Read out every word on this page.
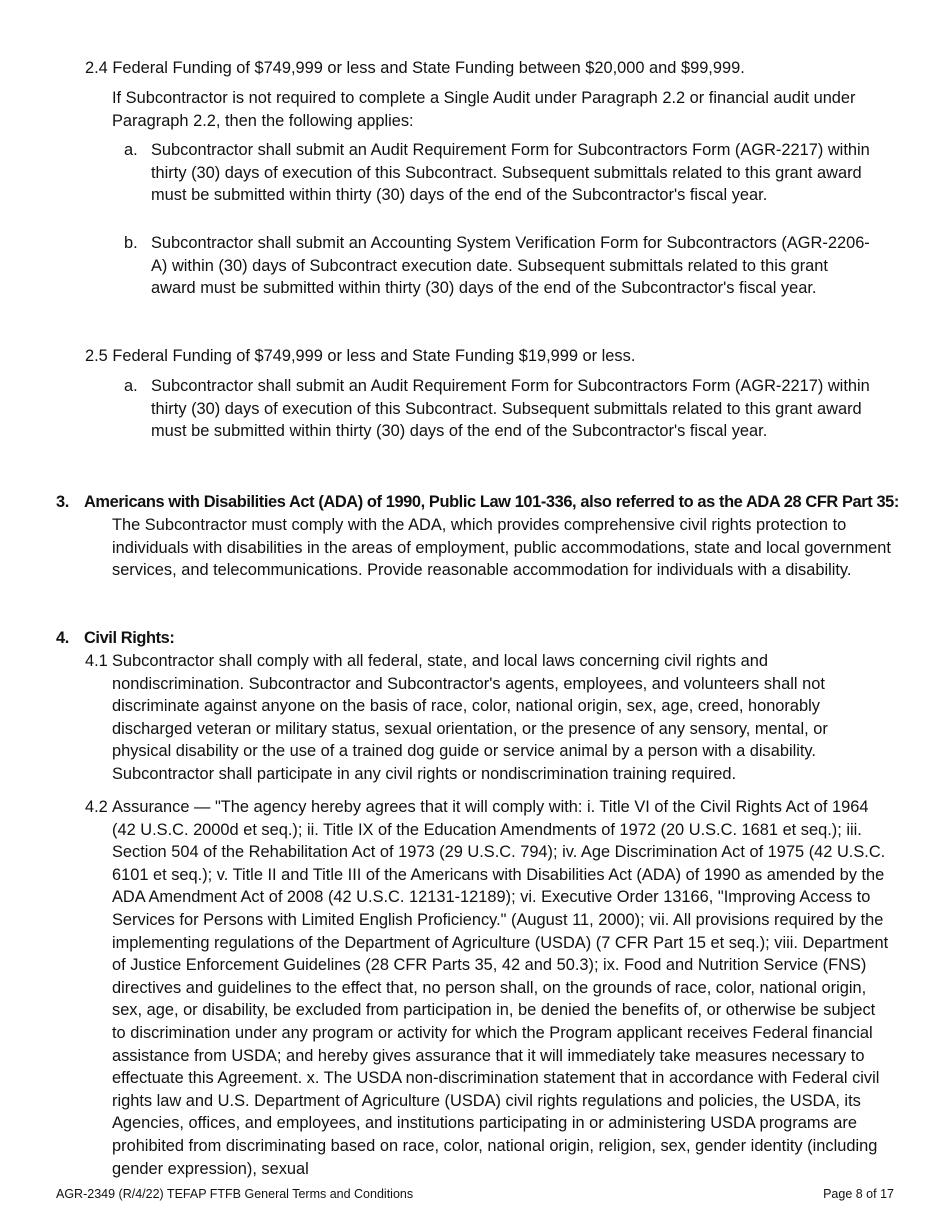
2.4 Federal Funding of $749,999 or less and State Funding between $20,000 and $99,999.

If Subcontractor is not required to complete a Single Audit under Paragraph 2.2 or financial audit under Paragraph 2.2, then the following applies:

a. Subcontractor shall submit an Audit Requirement Form for Subcontractors Form (AGR-2217) within thirty (30) days of execution of this Subcontract. Subsequent submittals related to this grant award must be submitted within thirty (30) days of the end of the Subcontractor's fiscal year.

b. Subcontractor shall submit an Accounting System Verification Form for Subcontractors (AGR-2206-A) within (30) days of Subcontract execution date. Subsequent submittals related to this grant award must be submitted within thirty (30) days of the end of the Subcontractor's fiscal year.

2.5 Federal Funding of $749,999 or less and State Funding $19,999 or less.

a. Subcontractor shall submit an Audit Requirement Form for Subcontractors Form (AGR-2217) within thirty (30) days of execution of this Subcontract. Subsequent submittals related to this grant award must be submitted within thirty (30) days of the end of the Subcontractor's fiscal year.

3. Americans with Disabilities Act (ADA) of 1990, Public Law 101-336, also referred to as the ADA 28 CFR Part 35:

The Subcontractor must comply with the ADA, which provides comprehensive civil rights protection to individuals with disabilities in the areas of employment, public accommodations, state and local government services, and telecommunications. Provide reasonable accommodation for individuals with a disability.

4. Civil Rights:

4.1 Subcontractor shall comply with all federal, state, and local laws concerning civil rights and nondiscrimination. Subcontractor and Subcontractor's agents, employees, and volunteers shall not discriminate against anyone on the basis of race, color, national origin, sex, age, creed, honorably discharged veteran or military status, sexual orientation, or the presence of any sensory, mental, or physical disability or the use of a trained dog guide or service animal by a person with a disability. Subcontractor shall participate in any civil rights or nondiscrimination training required.

4.2 Assurance — "The agency hereby agrees that it will comply with: i. Title VI of the Civil Rights Act of 1964 (42 U.S.C. 2000d et seq.); ii. Title IX of the Education Amendments of 1972 (20 U.S.C. 1681 et seq.); iii. Section 504 of the Rehabilitation Act of 1973 (29 U.S.C. 794); iv. Age Discrimination Act of 1975 (42 U.S.C. 6101 et seq.); v. Title II and Title III of the Americans with Disabilities Act (ADA) of 1990 as amended by the ADA Amendment Act of 2008 (42 U.S.C. 12131-12189); vi. Executive Order 13166, "Improving Access to Services for Persons with Limited English Proficiency." (August 11, 2000); vii. All provisions required by the implementing regulations of the Department of Agriculture (USDA) (7 CFR Part 15 et seq.); viii. Department of Justice Enforcement Guidelines (28 CFR Parts 35, 42 and 50.3); ix. Food and Nutrition Service (FNS) directives and guidelines to the effect that, no person shall, on the grounds of race, color, national origin, sex, age, or disability, be excluded from participation in, be denied the benefits of, or otherwise be subject to discrimination under any program or activity for which the Program applicant receives Federal financial assistance from USDA; and hereby gives assurance that it will immediately take measures necessary to effectuate this Agreement. x. The USDA non-discrimination statement that in accordance with Federal civil rights law and U.S. Department of Agriculture (USDA) civil rights regulations and policies, the USDA, its Agencies, offices, and employees, and institutions participating in or administering USDA programs are prohibited from discriminating based on race, color, national origin, religion, sex, gender identity (including gender expression), sexual

AGR-2349 (R/4/22) TEFAP FTFB General Terms and Conditions	Page 8 of 17
